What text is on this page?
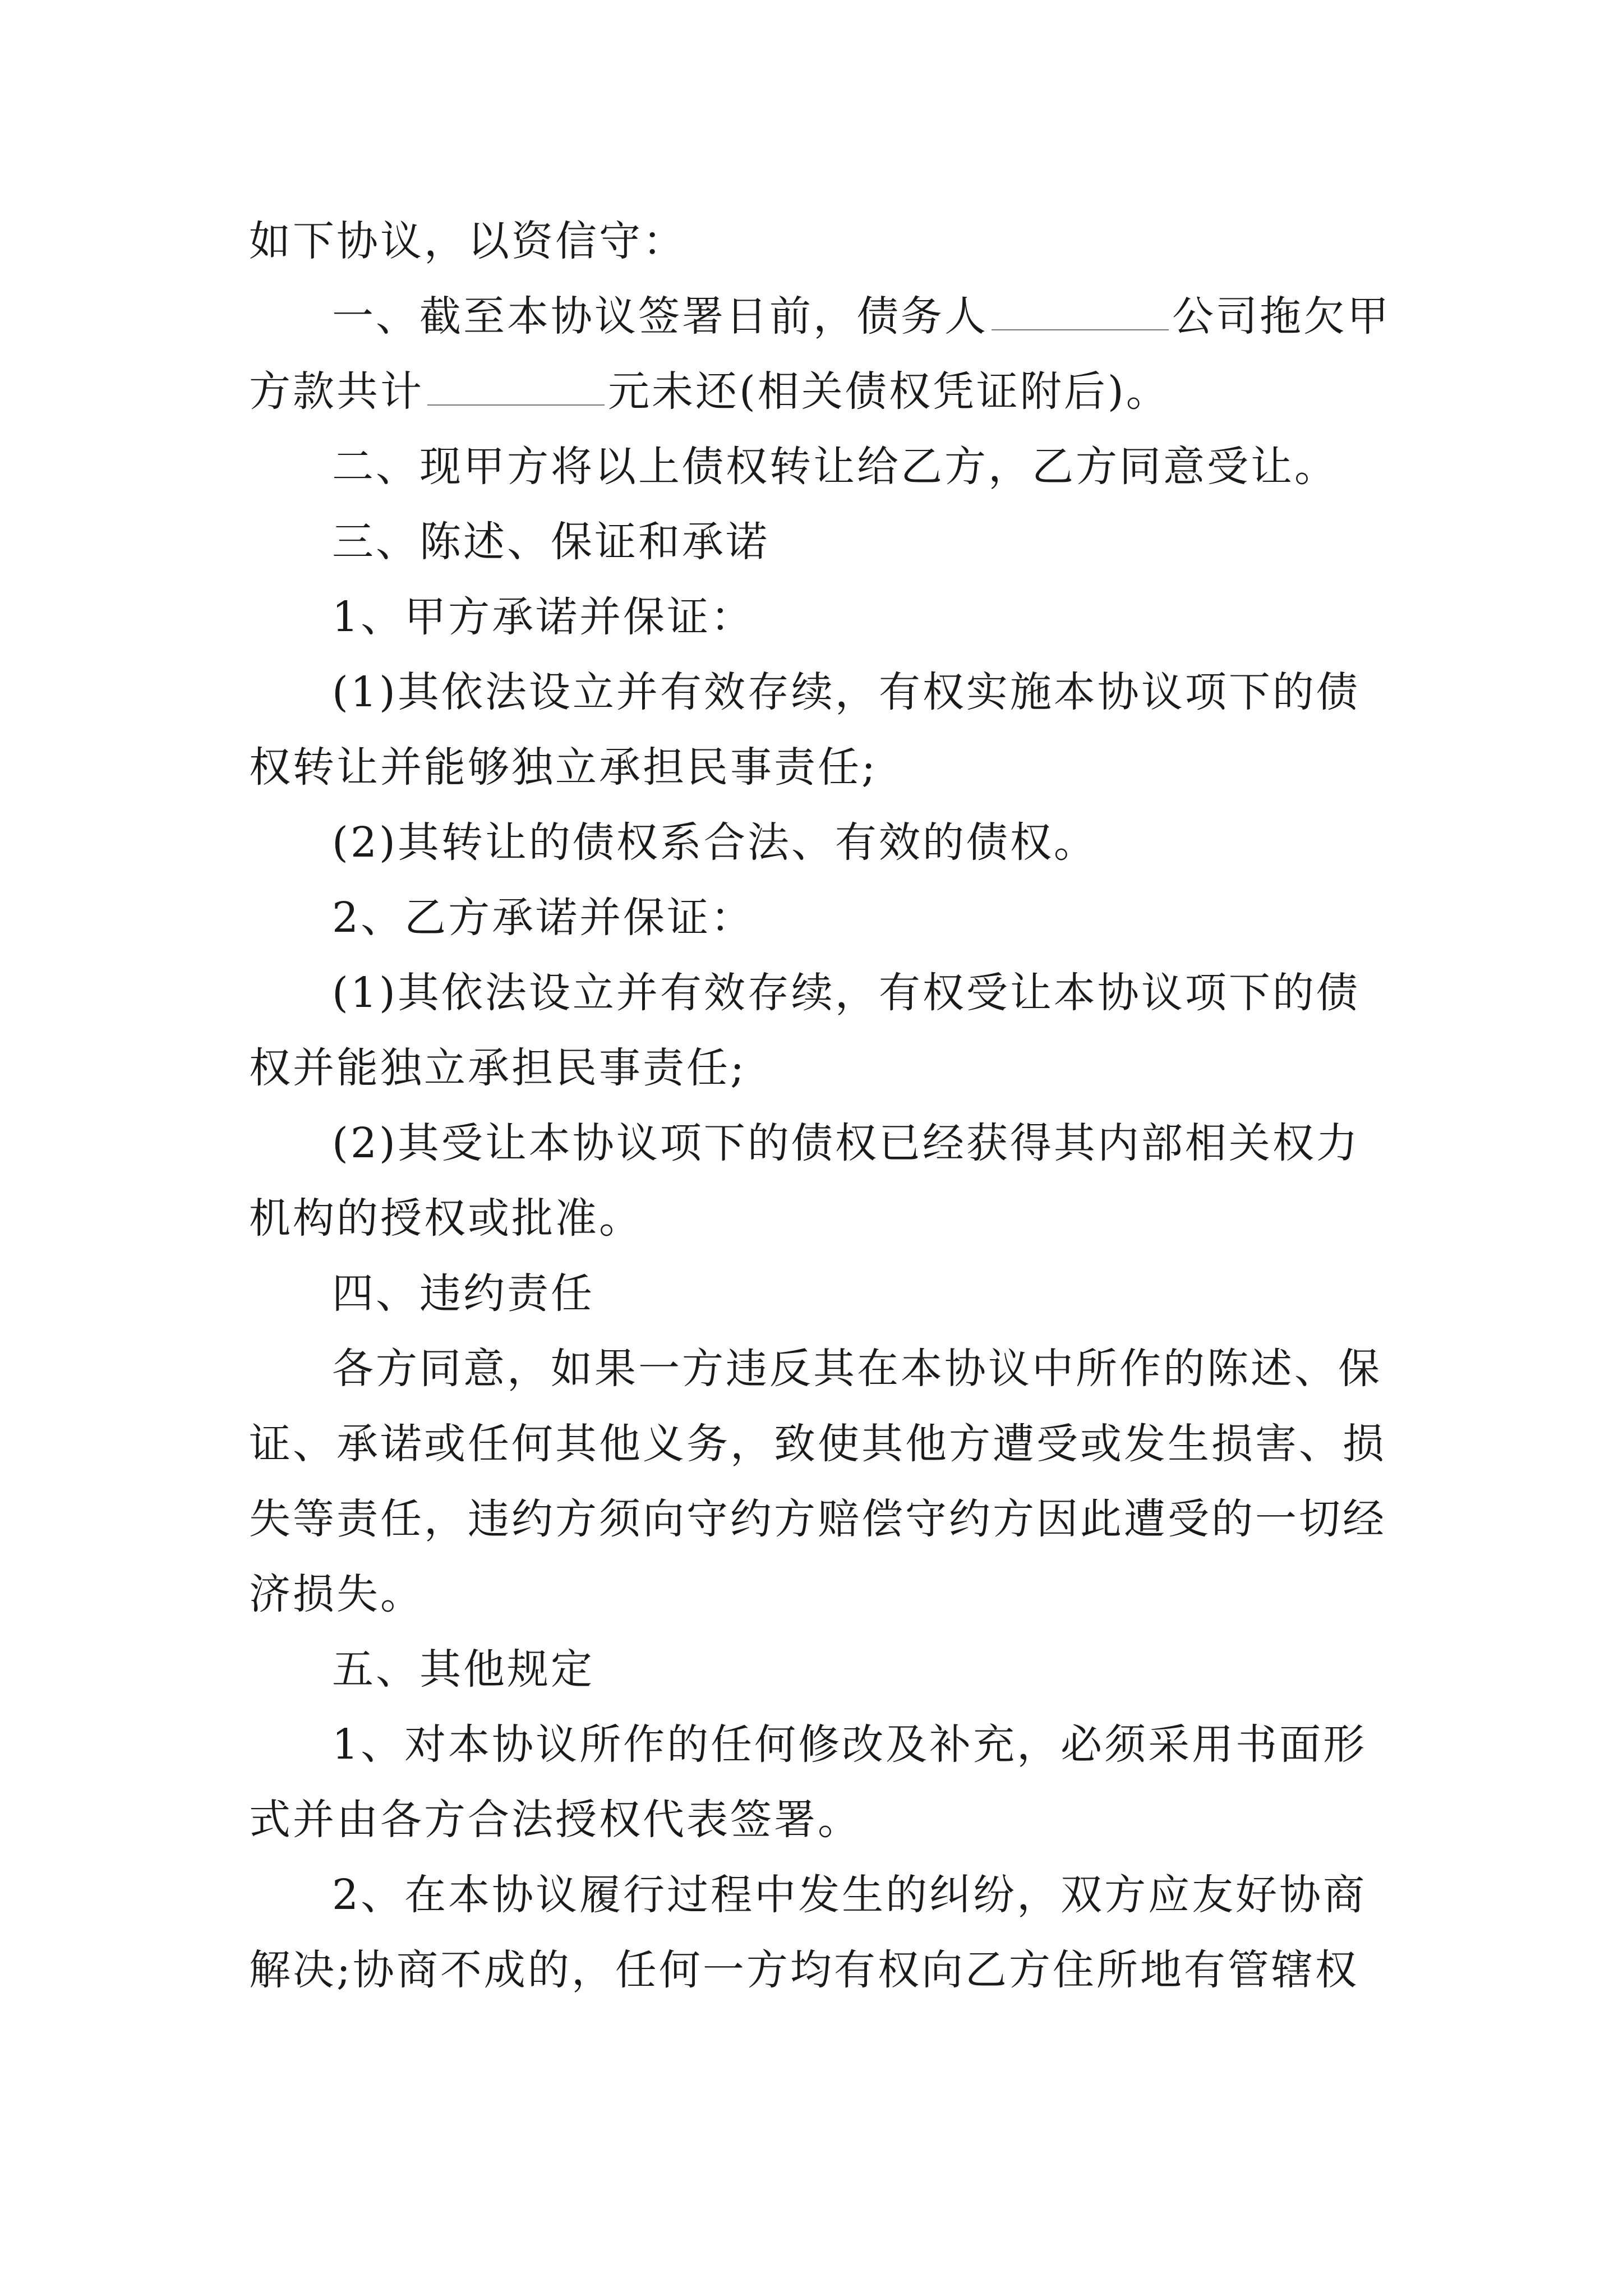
如下协议，以资信守：
一、截至本协议签署日前，债务人	公司拖欠甲
方款共计	元未还(相关债权凭证附后)。
二、现甲方将以上债权转让给乙方，乙方同意受让。
三、陈述、保证和承诺
1、甲方承诺并保证：
(1)其依法设立并有效存续，有权实施本协议项下的债
权转让并能够独立承担民事责任;
(2)其转让的债权系合法、有效的债权。
2、乙方承诺并保证：
(1)其依法设立并有效存续，有权受让本协议项下的债
权并能独立承担民事责任;
(2)其受让本协议项下的债权已经获得其内部相关权力
机构的授权或批准。
四、违约责任
各方同意，如果一方违反其在本协议中所作的陈述、保
证、承诺或任何其他义务，致使其他方遭受或发生损害、损
失等责任，违约方须向守约方赔偿守约方因此遭受的一切经
济损失。
五、其他规定
1、对本协议所作的任何修改及补充，必须采用书面形
式并由各方合法授权代表签署。
2、在本协议履行过程中发生的纠纷，双方应友好协商
解决;协商不成的，任何一方均有权向乙方住所地有管辖权
